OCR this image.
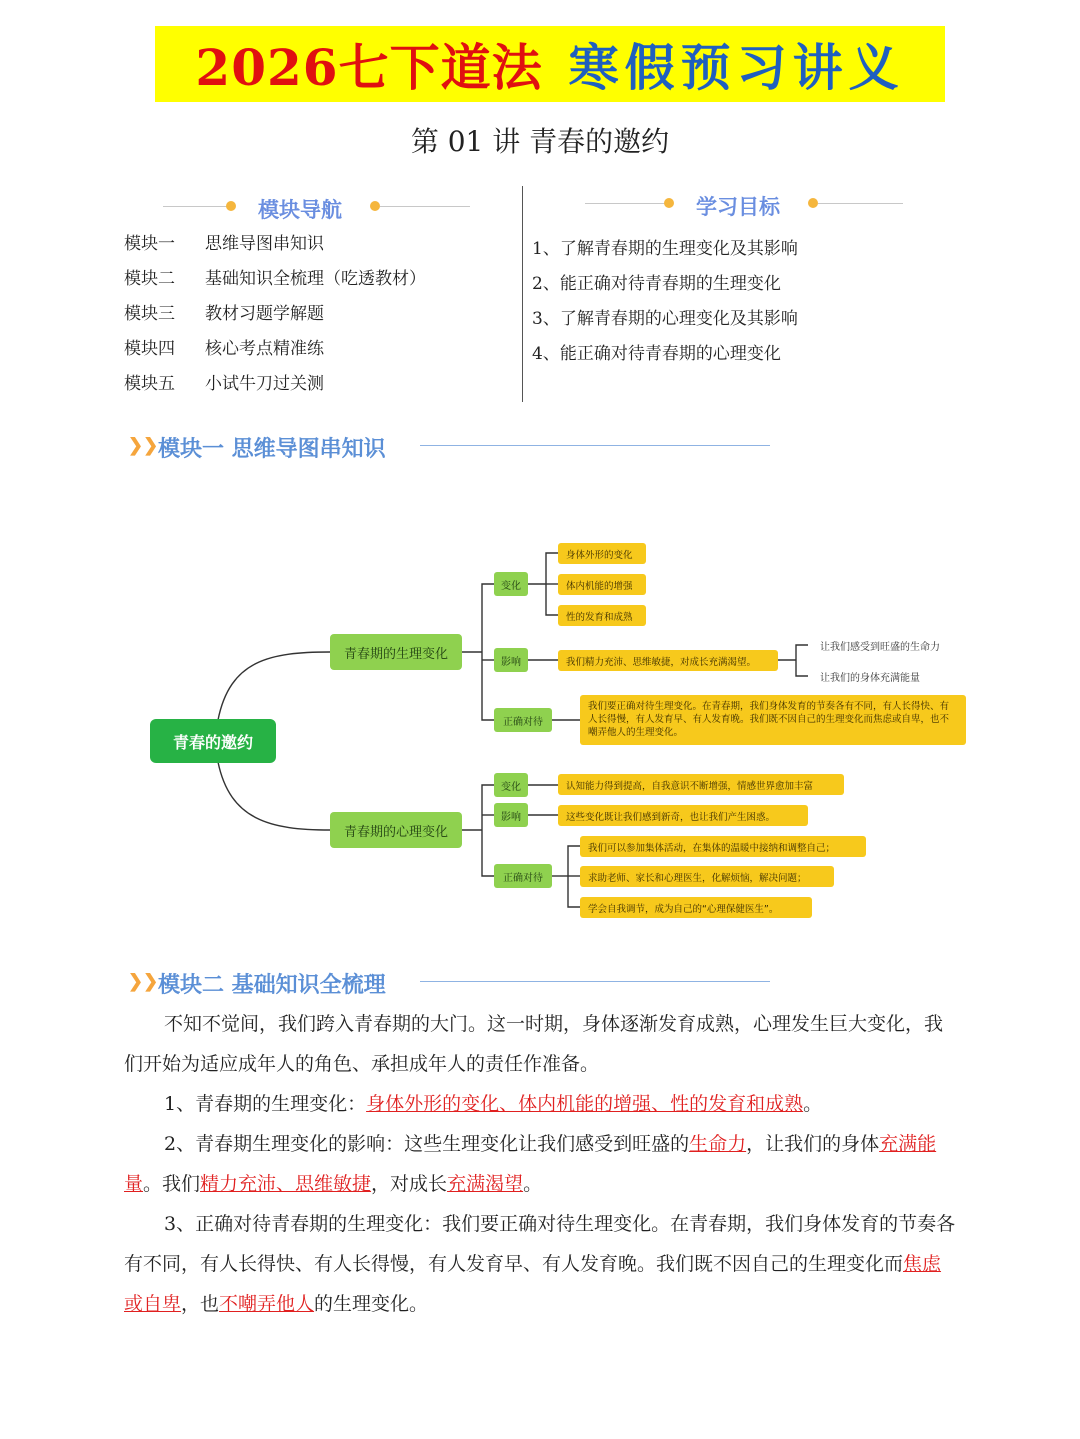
2026七下道法 寒假预习讲义
第 01 讲 青春的邀约
模块导航
模块一 思维导图串知识
模块二 基础知识全梳理（吃透教材）
模块三 教材习题学解题
模块四 核心考点精准练
模块五 小试牛刀过关测
学习目标
1、了解青春期的生理变化及其影响
2、能正确对待青春期的生理变化
3、了解青春期的心理变化及其影响
4、能正确对待青春期的心理变化
❯❯ 模块一 思维导图串知识
青春的邀约
青春期的生理变化
变化
身体外形的变化
体内机能的增强
性的发育和成熟
影响	我们精力充沛、思维敏捷，对成长充满渴望。
让我们感受到旺盛的生命力
让我们的身体充满能量
正确对待
我们要正确对待生理变化。在青春期，我们身体发育的节奏各有不同，有人长得快、有人长得慢，有人发育早、有人发育晚。我们既不因自己的生理变化而焦虑或自卑，也不嘲弄他人的生理变化。
青春期的心理变化
变化	认知能力得到提高，自我意识不断增强，情感世界愈加丰富
影响	这些变化既让我们感到新奇，也让我们产生困惑。
正确对待
我们可以参加集体活动，在集体的温暖中接纳和调整自己；
求助老师、家长和心理医生，化解烦恼，解决问题；
学会自我调节，成为自己的“心理保健医生”。
❯❯ 模块二 基础知识全梳理
不知不觉间，我们跨入青春期的大门。这一时期，身体逐渐发育成熟，心理发生巨大变化，我们开始为适应成年人的角色、承担成年人的责任作准备。
1、青春期的生理变化：身体外形的变化、体内机能的增强、性的发育和成熟。
2、青春期生理变化的影响：这些生理变化让我们感受到旺盛的生命力，让我们的身体充满能量。我们精力充沛、思维敏捷，对成长充满渴望。
3、正确对待青春期的生理变化：我们要正确对待生理变化。在青春期，我们身体发育的节奏各有不同，有人长得快、有人长得慢，有人发育早、有人发育晚。我们既不因自己的生理变化而焦虑或自卑，也不嘲弄他人的生理变化。
